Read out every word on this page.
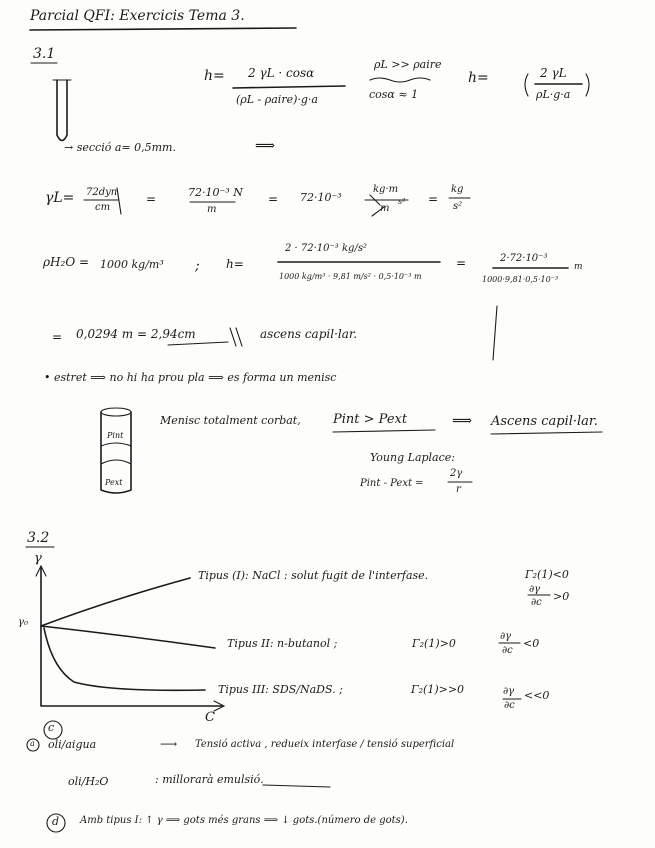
Parcial QFI: Exercicis Tema 3.
3.1
h= 2 γL · cosα
(ρL - ρaire)·g·a
ρL >> ρaire
cosα ≈ 1
h=	2 γL
ρL·g·a
→ secció a= 0,5mm.	⟹
γL= 72dyn
cm
=	72·10⁻³ N
m
= 72·10⁻³
kg·m
s²
m
=
kg
s²
ρH₂O = 1000 kg/m³ ; h=
2 · 72·10⁻³ kg/s²
1000 kg/m³ · 9,81 m/s² · 0,5·10⁻³ m
=	2·72·10⁻³
1000·9,81·0,5·10⁻³
m
= 0,0294 m = 2,94cm	ascens capil·lar.
• estret ⟹ no hi ha prou pla ⟹ es forma un menisc
Pint
Pext
Menisc totalment corbat, Pint > Pext	⟹ Ascens capil·lar.
Young Laplace:
Pint - Pext =
2γ
r
3.2
γ
γ₀
C
Tipus (I): NaCl : solut fugit de l'interfase.	Γ₂(1)<0
∂γ
∂c >0
Tipus II: n-butanol ;	Γ₂(1)>0
∂γ
∂c
<0
Tipus III: SDS/NaDS. ;	Γ₂(1)>>0	∂γ
∂c
<<0
c
a oli/aigua	⟶ Tensió activa , redueix interfase / tensió superficial
oli/H₂O	: millorarà emulsió.
d Amb tipus I: ↑ γ ⟹ gots més grans ⟹ ↓ gots.(número de gots).
